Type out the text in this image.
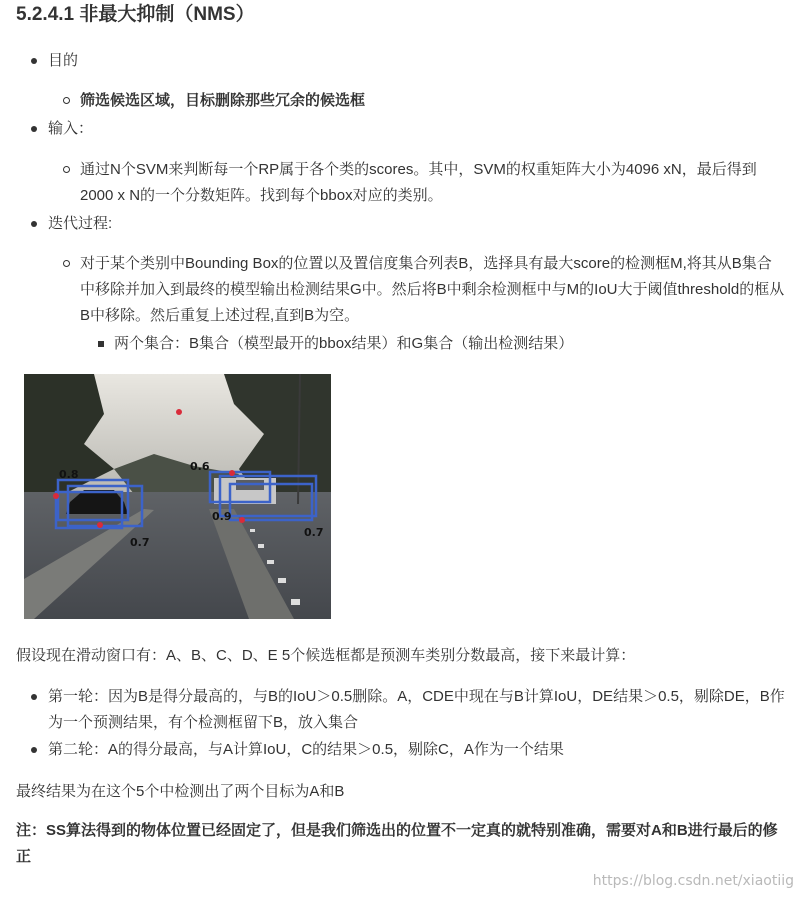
5.2.4.1 非最大抑制（NMS）
目的
筛选候选区域，目标删除那些冗余的候选框
输入：
通过N个SVM来判断每一个RP属于各个类的scores。其中，SVM的权重矩阵大小为4096 xN，最后得到2000 x N的一个分数矩阵。找到每个bbox对应的类别。
迭代过程:
对于某个类别中Bounding Box的位置以及置信度集合列表B，选择具有最大score的检测框M,将其从B集合中移除并加入到最终的模型输出检测结果G中。然后将B中剩余检测框中与M的IoU大于阈值threshold的框从B中移除。然后重复上述过程,直到B为空。
两个集合：B集合（模型最开的bbox结果）和G集合（输出检测结果）
0.8
0.6
0.9
0.7
0.7
假设现在滑动窗口有：A、B、C、D、E 5个候选框都是预测车类别分数最高，接下来最计算：
第一轮：因为B是得分最高的，与B的IoU＞0.5删除。A，CDE中现在与B计算IoU，DE结果＞0.5，剔除DE，B作为一个预测结果，有个检测框留下B，放入集合
第二轮：A的得分最高，与A计算IoU，C的结果＞0.5，剔除C，A作为一个结果
最终结果为在这个5个中检测出了两个目标为A和B
注：SS算法得到的物体位置已经固定了，但是我们筛选出的位置不一定真的就特别准确，需要对A和B进行最后的修正
https://blog.csdn.net/xiaotiig
